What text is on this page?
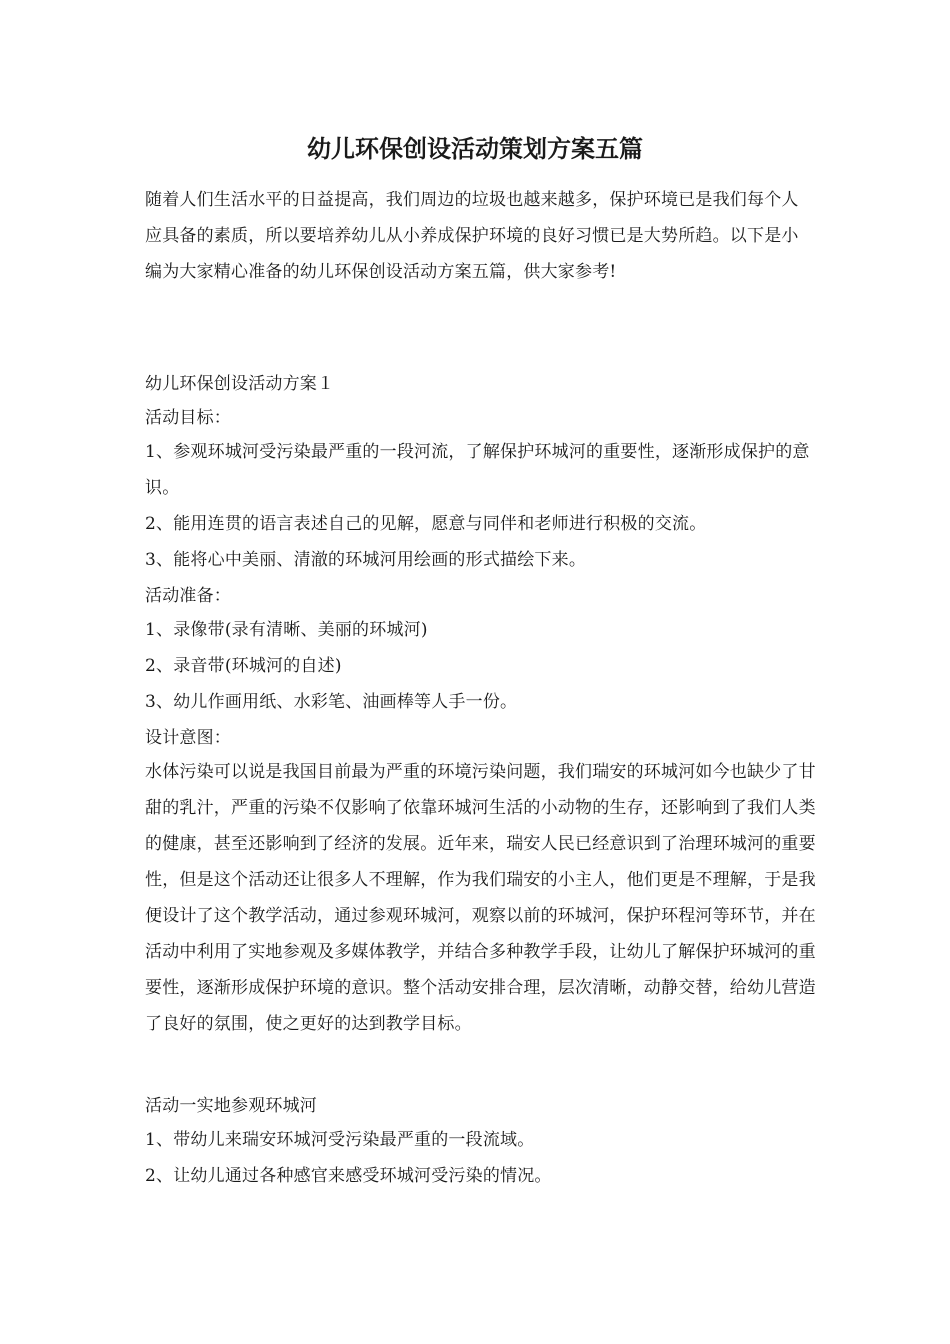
幼儿环保创设活动策划方案五篇

随着人们生活水平的日益提高，我们周边的垃圾也越来越多，保护环境已是我们每个人应具备的素质，所以要培养幼儿从小养成保护环境的良好习惯已是大势所趋。以下是小编为大家精心准备的幼儿环保创设活动方案五篇，供大家参考!

幼儿环保创设活动方案１

活动目标：

1、参观环城河受污染最严重的一段河流，了解保护环城河的重要性，逐渐形成保护的意识。

2、能用连贯的语言表述自己的见解，愿意与同伴和老师进行积极的交流。

3、能将心中美丽、清澈的环城河用绘画的形式描绘下来。

活动准备：

1、录像带(录有清晰、美丽的环城河)

2、录音带(环城河的自述)

3、幼儿作画用纸、水彩笔、油画棒等人手一份。

设计意图：

水体污染可以说是我国目前最为严重的环境污染问题，我们瑞安的环城河如今也缺少了甘甜的乳汁，严重的污染不仅影响了依靠环城河生活的小动物的生存，还影响到了我们人类的健康，甚至还影响到了经济的发展。近年来，瑞安人民已经意识到了治理环城河的重要性，但是这个活动还让很多人不理解，作为我们瑞安的小主人，他们更是不理解，于是我便设计了这个教学活动，通过参观环城河，观察以前的环城河，保护环程河等环节，并在活动中利用了实地参观及多媒体教学，并结合多种教学手段，让幼儿了解保护环城河的重要性，逐渐形成保护环境的意识。整个活动安排合理，层次清晰，动静交替，给幼儿营造了良好的氛围，使之更好的达到教学目标。

活动一实地参观环城河

1、带幼儿来瑞安环城河受污染最严重的一段流域。

2、让幼儿通过各种感官来感受环城河受污染的情况。
